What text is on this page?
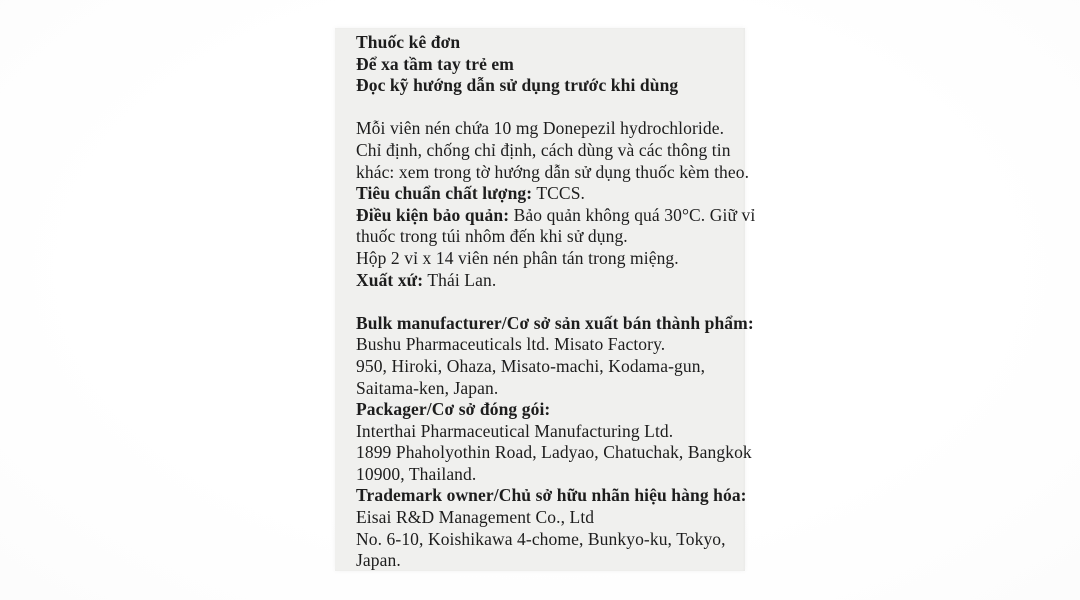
Thuốc kê đơn
Để xa tầm tay trẻ em
Đọc kỹ hướng dẫn sử dụng trước khi dùng
Mỗi viên nén chứa 10 mg Donepezil hydrochloride.
Chỉ định, chống chỉ định, cách dùng và các thông tin
khác: xem trong tờ hướng dẫn sử dụng thuốc kèm theo.
Tiêu chuẩn chất lượng: TCCS.
Điều kiện bảo quản: Bảo quản không quá 30°C. Giữ vỉ
thuốc trong túi nhôm đến khi sử dụng.
Hộp 2 vỉ x 14 viên nén phân tán trong miệng.
Xuất xứ: Thái Lan.
Bulk manufacturer/Cơ sở sản xuất bán thành phẩm:
Bushu Pharmaceuticals ltd. Misato Factory.
950, Hiroki, Ohaza, Misato-machi, Kodama-gun,
Saitama-ken, Japan.
Packager/Cơ sở đóng gói:
Interthai Pharmaceutical Manufacturing Ltd.
1899 Phaholyothin Road, Ladyao, Chatuchak, Bangkok
10900, Thailand.
Trademark owner/Chủ sở hữu nhãn hiệu hàng hóa:
Eisai R&D Management Co., Ltd
No. 6-10, Koishikawa 4-chome, Bunkyo-ku, Tokyo,
Japan.
